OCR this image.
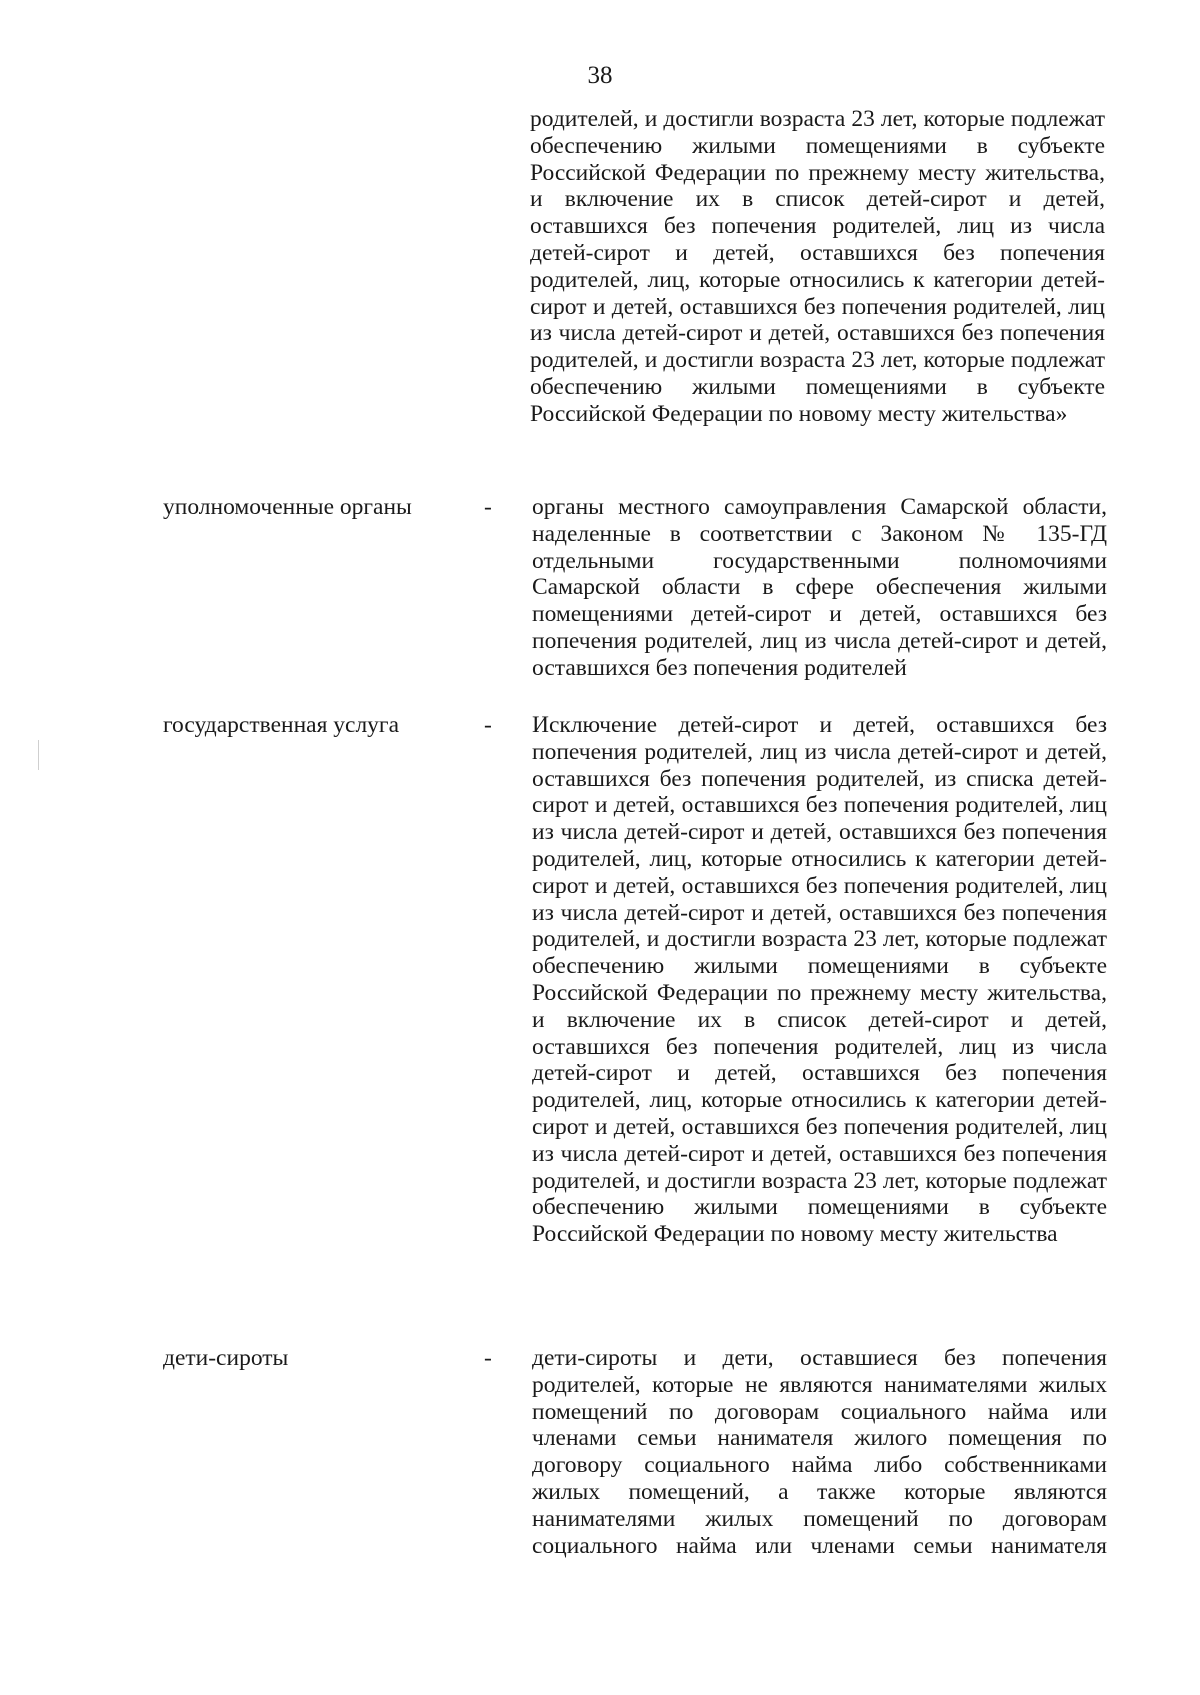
38
родителей, и достигли возраста 23 лет, которые подлежат обеспечению жилыми помещениями в субъекте Российской Федерации по прежнему месту жительства, и включение их в список детей-сирот и детей, оставшихся без попечения родителей, лиц из числа детей-сирот и детей, оставшихся без попечения родителей, лиц, которые относились к категории детей-сирот и детей, оставшихся без попечения родителей, лиц из числа детей-сирот и детей, оставшихся без попечения родителей, и достигли возраста 23 лет, которые подлежат обеспечению жилыми помещениями в субъекте Российской Федерации по новому месту жительства»
уполномоченные органы	- органы местного самоуправления Самарской области, наделенные в соответствии с Законом № 135-ГД отдельными государственными полномочиями Самарской области в сфере обеспечения жилыми помещениями детей-сирот и детей, оставшихся без попечения родителей, лиц из числа детей-сирот и детей, оставшихся без попечения родителей
государственная услуга	- Исключение детей-сирот и детей, оставшихся без попечения родителей, лиц из числа детей-сирот и детей, оставшихся без попечения родителей, из списка детей-сирот и детей, оставшихся без попечения родителей, лиц из числа детей-сирот и детей, оставшихся без попечения родителей, лиц, которые относились к категории детей-сирот и детей, оставшихся без попечения родителей, лиц из числа детей-сирот и детей, оставшихся без попечения родителей, и достигли возраста 23 лет, которые подлежат обеспечению жилыми помещениями в субъекте Российской Федерации по прежнему месту жительства, и включение их в список детей-сирот и детей, оставшихся без попечения родителей, лиц из числа детей-сирот и детей, оставшихся без попечения родителей, лиц, которые относились к категории детей-сирот и детей, оставшихся без попечения родителей, лиц из числа детей-сирот и детей, оставшихся без попечения родителей, и достигли возраста 23 лет, которые подлежат обеспечению жилыми помещениями в субъекте Российской Федерации по новому месту жительства
дети-сироты	- дети-сироты и дети, оставшиеся без попечения родителей, которые не являются нанимателями жилых помещений по договорам социального найма или членами семьи нанимателя жилого помещения по договору социального найма либо собственниками жилых помещений, а также которые являются нанимателями жилых помещений по договорам социального найма или членами семьи нанимателя
